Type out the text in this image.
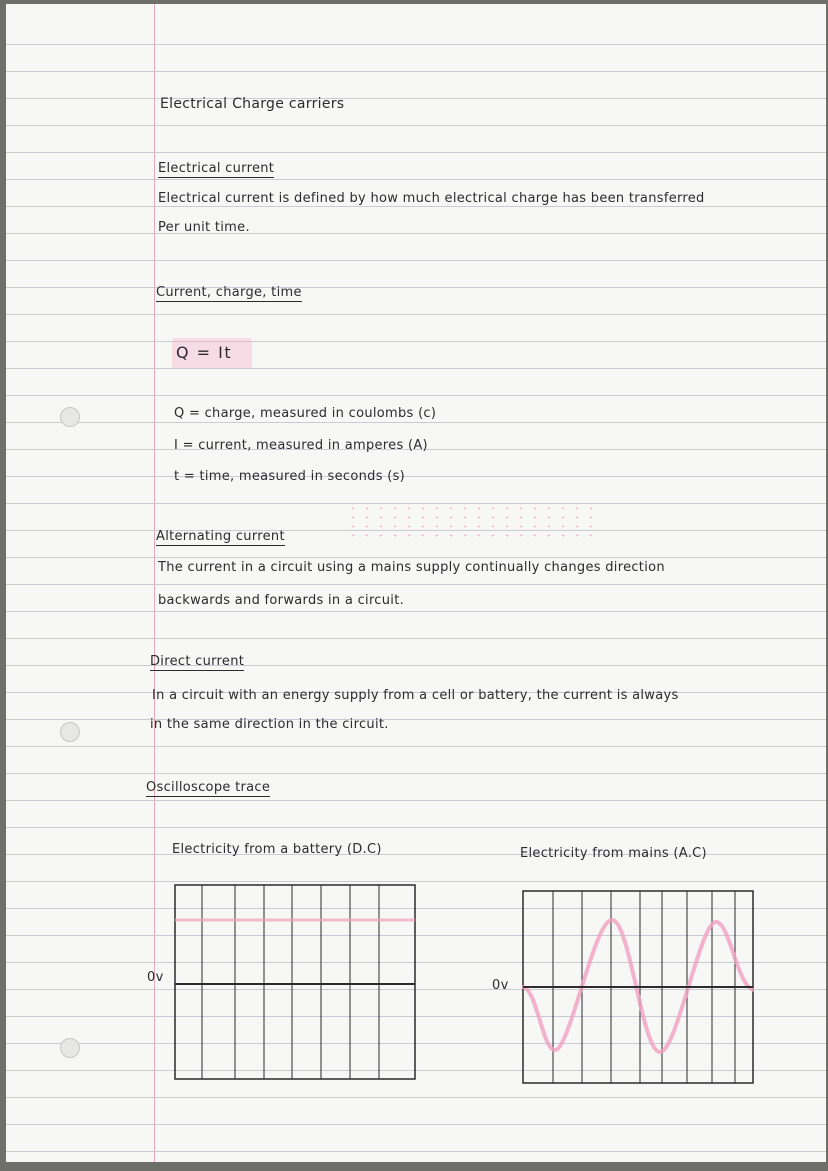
Electrical Charge carriers
Electrical current
Electrical current is defined by how much electrical charge has been transferred
Per unit time.
Current, charge, time
Q = It
Q = charge, measured in coulombs (c)
I = current, measured in amperes (A)
t = time, measured in seconds (s)
Alternating current
The current in a circuit using a mains supply continually changes direction
backwards and forwards in a circuit.
Direct current
In a circuit with an energy supply from a cell or battery, the current is always
in the same direction in the circuit.
Oscilloscope trace
Electricity from a battery (D.C)	Electricity from mains (A.C)
0v
0v
